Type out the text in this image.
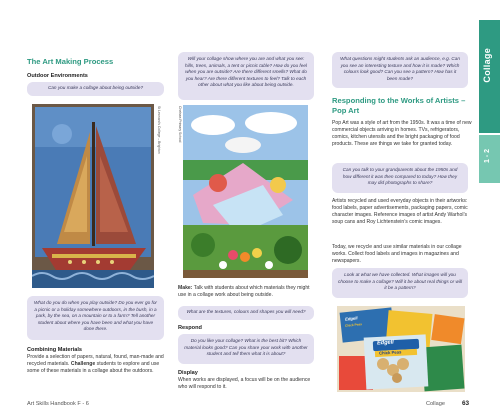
The Art Making Process
Outdoor Environments
Can you make a collage about being outside?
St Leonard’s College – Brighton
What do you do when you play outside? Do you ever go for a picnic or a holiday somewhere outdoors, in the bush, in a park, by the sea, on a mountain or to a farm? Tell another student about where you have been and what you have done there.
Combining Materials
Provide a selection of papers, natural, found, man-made and recycled materials. Challenge students to explore and use some of these materials in a collage about the outdoors.
Will your collage show where you are and what you see: hills, trees, animals, a tent or picnic table? How do you feel when you are outside? Are there different smells? What do you hear? Are there different textures to feel? Talk to each other about what you like about being outside.
Chelsea Primary School
Make: Talk with students about which materials they might use in a collage work about being outside.
What are the textures, colours and shapes you will need?
Respond
Do you like your collage? What is the best bit? Which material looks good? Can you share your work with another student and tell them what it is about?
Display
When works are displayed, a focus will be on the audience who will respond to it.
What questions might students ask an audience, e.g. Can you see an interesting texture and how it is made? Which colours look good? Can you see a pattern? How has it been made?
Responding to the Works of Artists – Pop Art
Pop Art was a style of art from the 1950s. It was a time of new commercial objects arriving in homes. TVs, refrigerators, comics, kitchen utensils and the bright packaging of food products. These are things we take for granted today.
Can you talk to your grandparents about the 1950s and how different it was then compared to today? How they may did photographs to share?
Artists recycled and used everyday objects in their artworks: food labels, paper advertisements, packaging papers, comic character images. Reference images of artist Andy Warhol’s soup cans and Roy Lichtenstein’s comic images.
Today, we recycle and use similar materials in our collage works. Collect food labels and images in magazines and newspapers.
Look at what we have collected. What images will you choose to make a collage? Will it be about real things or will it be a pattern?
Edgell
Chick Peas
Edgell
Chick Peas
Collage
1 - 2
Art Skills Handbook F - 6	Collage	63
